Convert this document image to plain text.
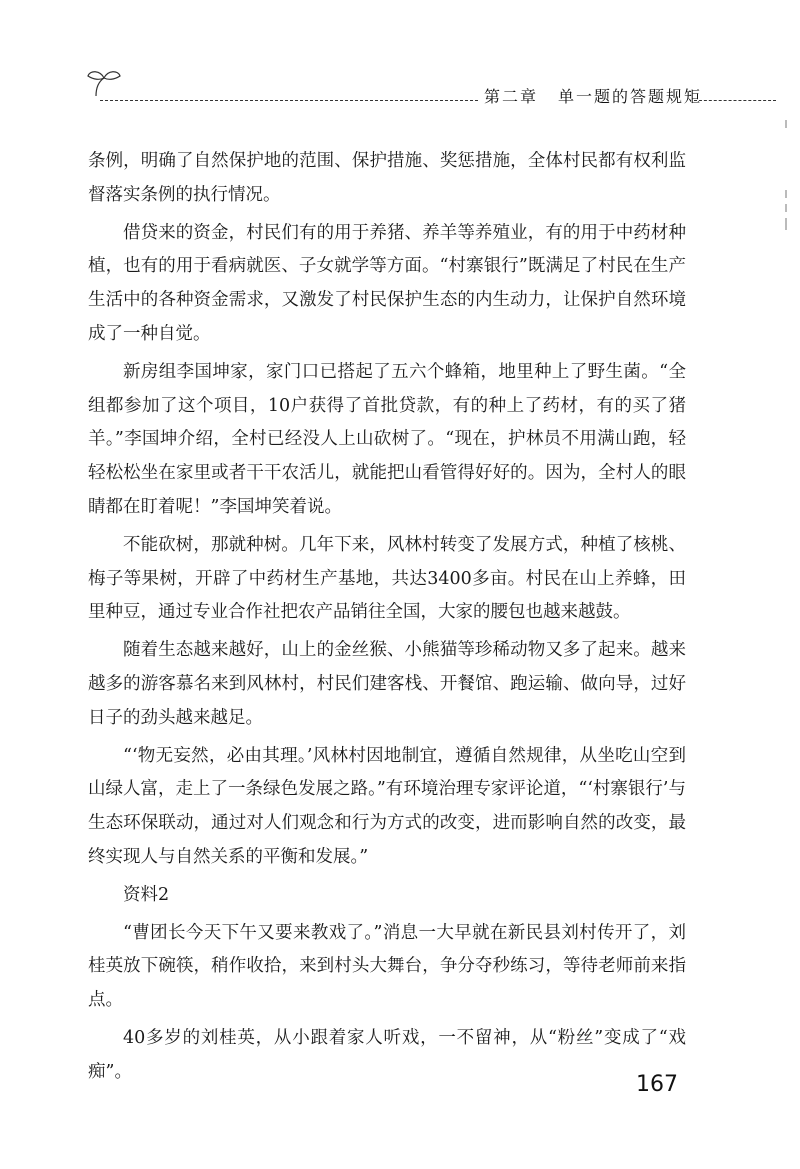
第二章 单一题的答题规矩

条例，明确了自然保护地的范围、保护措施、奖惩措施，全体村民都有权利监督落实条例的执行情况。

借贷来的资金，村民们有的用于养猪、养羊等养殖业，有的用于中药材种植，也有的用于看病就医、子女就学等方面。“村寨银行”既满足了村民在生产生活中的各种资金需求，又激发了村民保护生态的内生动力，让保护自然环境成了一种自觉。

新房组李国坤家，家门口已搭起了五六个蜂箱，地里种上了野生菌。“全组都参加了这个项目，10户获得了首批贷款，有的种上了药材，有的买了猪羊。”李国坤介绍，全村已经没人上山砍树了。“现在，护林员不用满山跑，轻轻松松坐在家里或者干干农活儿，就能把山看管得好好的。因为，全村人的眼睛都在盯着呢！”李国坤笑着说。

不能砍树，那就种树。几年下来，风林村转变了发展方式，种植了核桃、梅子等果树，开辟了中药材生产基地，共达3400多亩。村民在山上养蜂，田里种豆，通过专业合作社把农产品销往全国，大家的腰包也越来越鼓。

随着生态越来越好，山上的金丝猴、小熊猫等珍稀动物又多了起来。越来越多的游客慕名来到风林村，村民们建客栈、开餐馆、跑运输、做向导，过好日子的劲头越来越足。

“‘物无妄然，必由其理。’风林村因地制宜，遵循自然规律，从坐吃山空到山绿人富，走上了一条绿色发展之路。”有环境治理专家评论道，“‘村寨银行’与生态环保联动，通过对人们观念和行为方式的改变，进而影响自然的改变，最终实现人与自然关系的平衡和发展。”

资料2

“曹团长今天下午又要来教戏了。”消息一大早就在新民县刘村传开了，刘桂英放下碗筷，稍作收拾，来到村头大舞台，争分夺秒练习，等待老师前来指点。

40多岁的刘桂英，从小跟着家人听戏，一不留神，从“粉丝”变成了“戏痴”。

167
